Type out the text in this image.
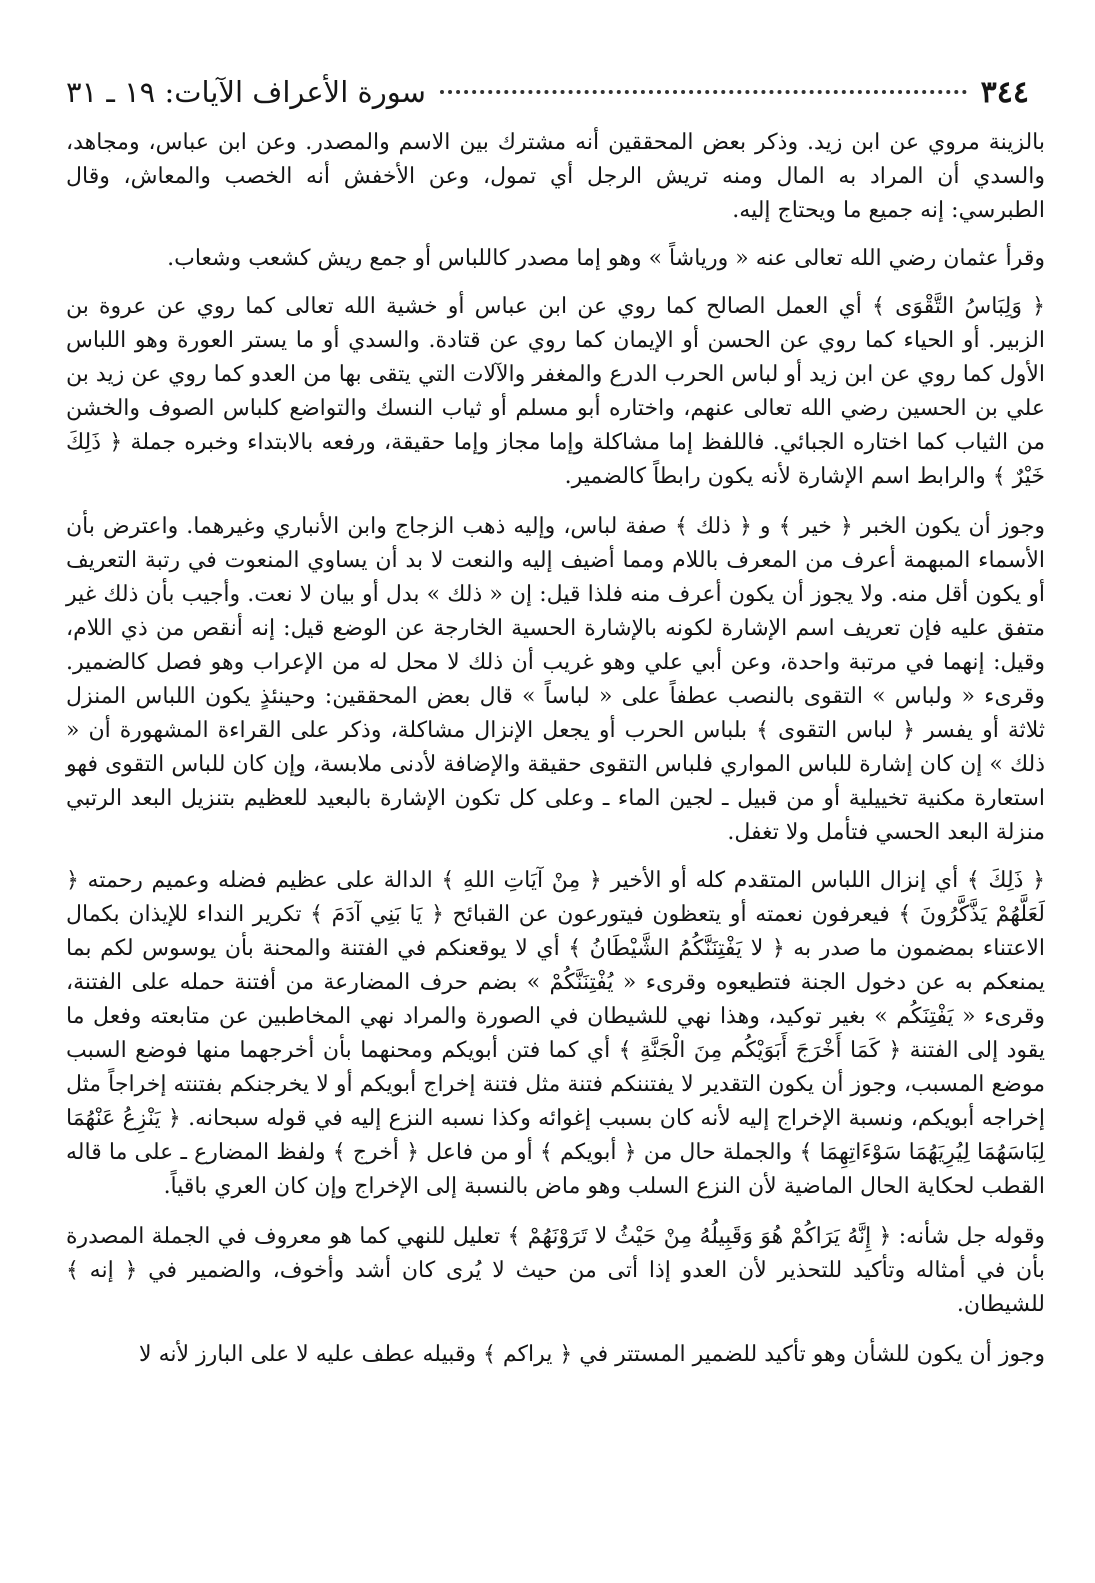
٣٤٤
سورة الأعراف الآيات: ١٩ ـ ٣١

بالزينة مروي عن ابن زيد. وذكر بعض المحققين أنه مشترك بين الاسم والمصدر. وعن ابن عباس، ومجاهد، والسدي أن المراد به المال ومنه تريش الرجل أي تمول، وعن الأخفش أنه الخصب والمعاش، وقال الطبرسي: إنه جميع ما ويحتاج إليه.

وقرأ عثمان رضي الله تعالى عنه « ورياشاً » وهو إما مصدر كاللباس أو جمع ريش كشعب وشعاب.

﴿ وَلِبَاسُ التَّقْوَى ﴾ أي العمل الصالح كما روي عن ابن عباس أو خشية الله تعالى كما روي عن عروة بن الزبير. أو الحياء كما روي عن الحسن أو الإيمان كما روي عن قتادة. والسدي أو ما يستر العورة وهو اللباس الأول كما روي عن ابن زيد أو لباس الحرب الدرع والمغفر والآلات التي يتقى بها من العدو كما روي عن زيد بن علي بن الحسين رضي الله تعالى عنهم، واختاره أبو مسلم أو ثياب النسك والتواضع كلباس الصوف والخشن من الثياب كما اختاره الجبائي. فاللفظ إما مشاكلة وإما مجاز وإما حقيقة، ورفعه بالابتداء وخبره جملة ﴿ ذَلِكَ خَيْرٌ ﴾ والرابط اسم الإشارة لأنه يكون رابطاً كالضمير.

وجوز أن يكون الخبر ﴿ خير ﴾ و ﴿ ذلك ﴾ صفة لباس، وإليه ذهب الزجاج وابن الأنباري وغيرهما. واعترض بأن الأسماء المبهمة أعرف من المعرف باللام ومما أضيف إليه والنعت لا بد أن يساوي المنعوت في رتبة التعريف أو يكون أقل منه. ولا يجوز أن يكون أعرف منه فلذا قيل: إن « ذلك » بدل أو بيان لا نعت. وأجيب بأن ذلك غير متفق عليه فإن تعريف اسم الإشارة لكونه بالإشارة الحسية الخارجة عن الوضع قيل: إنه أنقص من ذي اللام، وقيل: إنهما في مرتبة واحدة، وعن أبي علي وهو غريب أن ذلك لا محل له من الإعراب وهو فصل كالضمير. وقرىء « ولباس » التقوى بالنصب عطفاً على « لباساً » قال بعض المحققين: وحينئذٍ يكون اللباس المنزل ثلاثة أو يفسر ﴿ لباس التقوى ﴾ بلباس الحرب أو يجعل الإنزال مشاكلة، وذكر على القراءة المشهورة أن « ذلك » إن كان إشارة للباس المواري فلباس التقوى حقيقة والإضافة لأدنى ملابسة، وإن كان للباس التقوى فهو استعارة مكنية تخييلية أو من قبيل ـ لجين الماء ـ وعلى كل تكون الإشارة بالبعيد للعظيم بتنزيل البعد الرتبي منزلة البعد الحسي فتأمل ولا تغفل.

﴿ ذَلِكَ ﴾ أي إنزال اللباس المتقدم كله أو الأخير ﴿ مِنْ آيَاتِ اللهِ ﴾ الدالة على عظيم فضله وعميم رحمته ﴿ لَعَلَّهُمْ يَذَّكَّرُونَ ﴾ فيعرفون نعمته أو يتعظون فيتورعون عن القبائح ﴿ يَا بَنِي آدَمَ ﴾ تكرير النداء للإيذان بكمال الاعتناء بمضمون ما صدر به ﴿ لا يَفْتِنَنَّكُمُ الشَّيْطَانُ ﴾ أي لا يوقعنكم في الفتنة والمحنة بأن يوسوس لكم بما يمنعكم به عن دخول الجنة فتطيعوه وقرىء « يُفْتِنَنَّكُمْ » بضم حرف المضارعة من أفتنة حمله على الفتنة، وقرىء « يَفْتِنَكُم » بغير توكيد، وهذا نهي للشيطان في الصورة والمراد نهي المخاطبين عن متابعته وفعل ما يقود إلى الفتنة ﴿ كَمَا أَخْرَجَ أَبَوَيْكُم مِنَ الْجَنَّةِ ﴾ أي كما فتن أبويكم ومحنهما بأن أخرجهما منها فوضع السبب موضع المسبب، وجوز أن يكون التقدير لا يفتننكم فتنة مثل فتنة إخراج أبويكم أو لا يخرجنكم بفتنته إخراجاً مثل إخراجه أبويكم، ونسبة الإخراج إليه لأنه كان بسبب إغوائه وكذا نسبه النزع إليه في قوله سبحانه. ﴿ يَنْزِعُ عَنْهُمَا لِبَاسَهُمَا لِيُرِيَهُمَا سَوْءَاتِهِمَا ﴾ والجملة حال من ﴿ أبويكم ﴾ أو من فاعل ﴿ أخرج ﴾ ولفظ المضارع ـ على ما قاله القطب لحكاية الحال الماضية لأن النزع السلب وهو ماض بالنسبة إلى الإخراج وإن كان العري باقياً.

وقوله جل شأنه: ﴿ إِنَّهُ يَرَاكُمْ هُوَ وَقَبِيلُهُ مِنْ حَيْثُ لا تَرَوْنَهُمْ ﴾ تعليل للنهي كما هو معروف في الجملة المصدرة بأن في أمثاله وتأكيد للتحذير لأن العدو إذا أتى من حيث لا يُرى كان أشد وأخوف، والضمير في ﴿ إنه ﴾ للشيطان.

وجوز أن يكون للشأن وهو تأكيد للضمير المستتر في ﴿ يراكم ﴾ وقبيله عطف عليه لا على البارز لأنه لا
